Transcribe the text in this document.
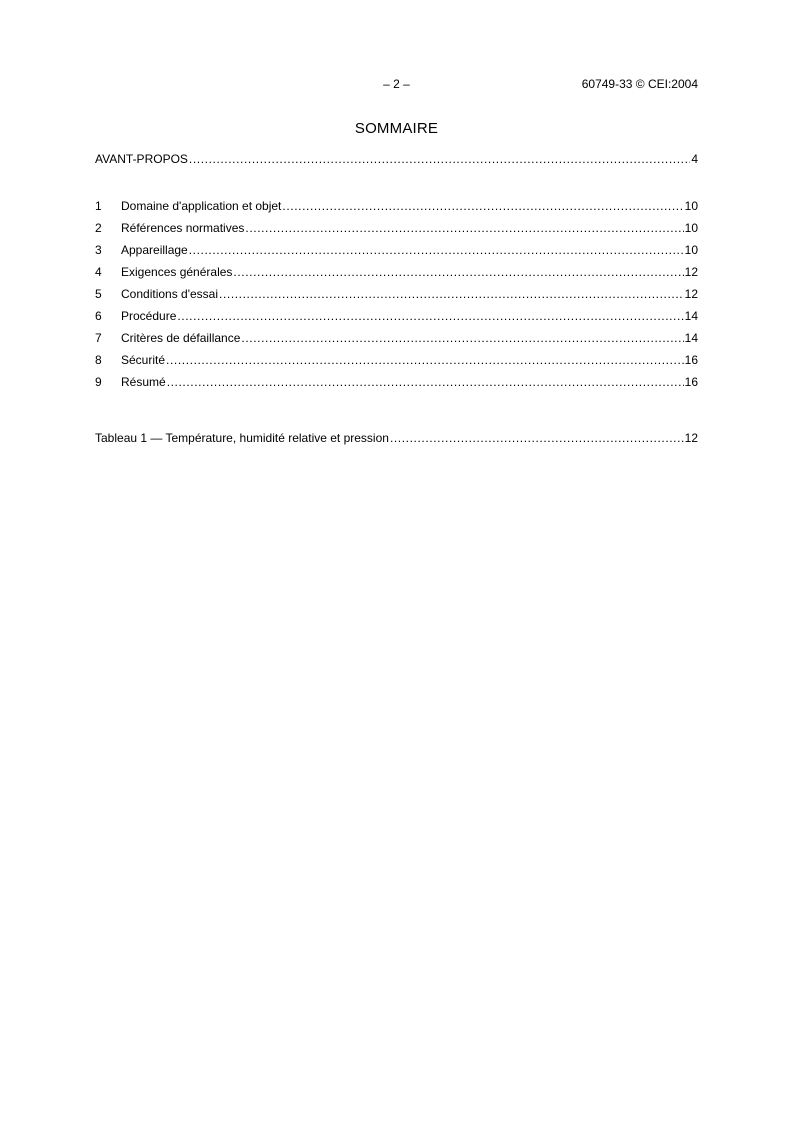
– 2 –	60749-33 © CEI:2004
SOMMAIRE
AVANT-PROPOS .....	4
1	Domaine d'application et objet .....	10
2	Références normatives .....	10
3	Appareillage .....	10
4	Exigences générales .....	12
5	Conditions d'essai .....	12
6	Procédure .....	14
7	Critères de défaillance .....	14
8	Sécurité .....	16
9	Résumé .....	16
Tableau 1 — Température, humidité relative et pression .....	12
